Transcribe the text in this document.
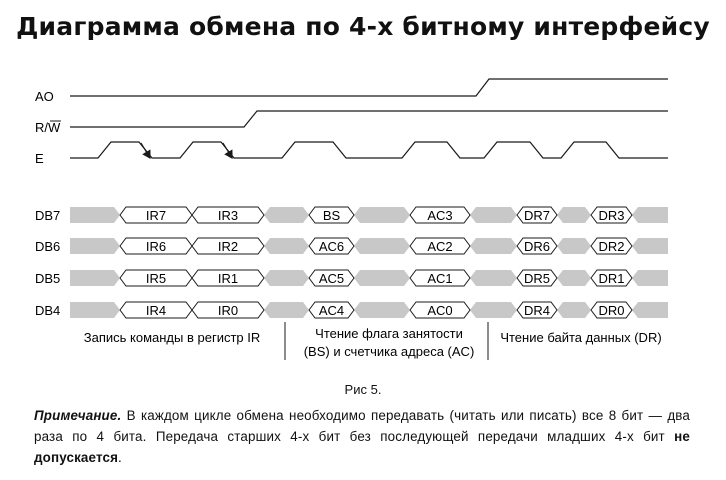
Диаграмма обмена по 4-х битному интерфейсу
AO
R/W
E
DB7	IR7	IR3	BS	AC3	DR7	DR3
DB6	IR6	IR2	AC6	AC2	DR6	DR2
DB5	IR5	IR1	AC5	AC1	DR5	DR1
DB4	IR4	IR0	AC4	AC0	DR4	DR0
Запись команды в регистр IR	Чтение флага занятости
(BS) и счетчика адреса (AC)
Чтение байта данных (DR)
Рис 5.
Примечание. В каждом цикле обмена необходимо передавать (читать или писать) все 8 бит — два раза по 4 бита. Передача старших 4-х бит без последующей передачи младших 4-х бит не допускается.
